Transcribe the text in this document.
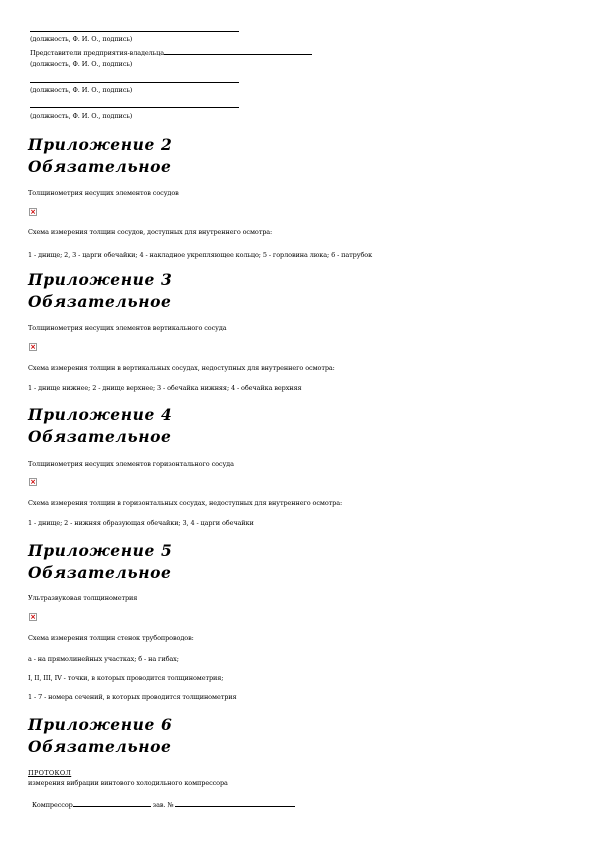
(должность, Ф. И. О., подпись)
Представители предприятия-владельца
(должность, Ф. И. О., подпись)
(должность, Ф. И. О., подпись)
(должность, Ф. И. О., подпись)
Приложение 2
Обязательное
Толщинометрия несущих элементов сосудов
×
Схема измерения толщин сосудов, доступных для внутреннего осмотра:
1 - днище; 2, 3 - царги обечайки; 4 - накладное укрепляющее кольцо; 5 - горловина люка; 6 - патрубок
Приложение 3
Обязательное
Толщинометрия несущих элементов вертикального сосуда
×
Схема измерения толщин в вертикальных сосудах, недоступных для внутреннего осмотра:
1 - днище нижнее; 2 - днище верхнее; 3 - обечайка нижняя; 4 - обечайка верхняя
Приложение 4
Обязательное
Толщинометрия несущих элементов горизонтального сосуда
×
Схема измерения толщин в горизонтальных сосудах, недоступных для внутреннего осмотра:
1 - днище; 2 - нижняя образующая обечайки; 3, 4 - царги обечайки
Приложение 5
Обязательное
Ультразвуковая толщинометрия
×
Схема измерения толщин стенок трубопроводов:
а - на прямолинейных участках; б - на гибах;
I, II, III, IV - точки, в которых проводится толщинометрия;
1 - 7 - номера сечений, в которых проводится толщинометрия
Приложение 6
Обязательное
ПРОТОКОЛ
измерения вибрации винтового холодильного компрессора
Компрессор	зав. №
